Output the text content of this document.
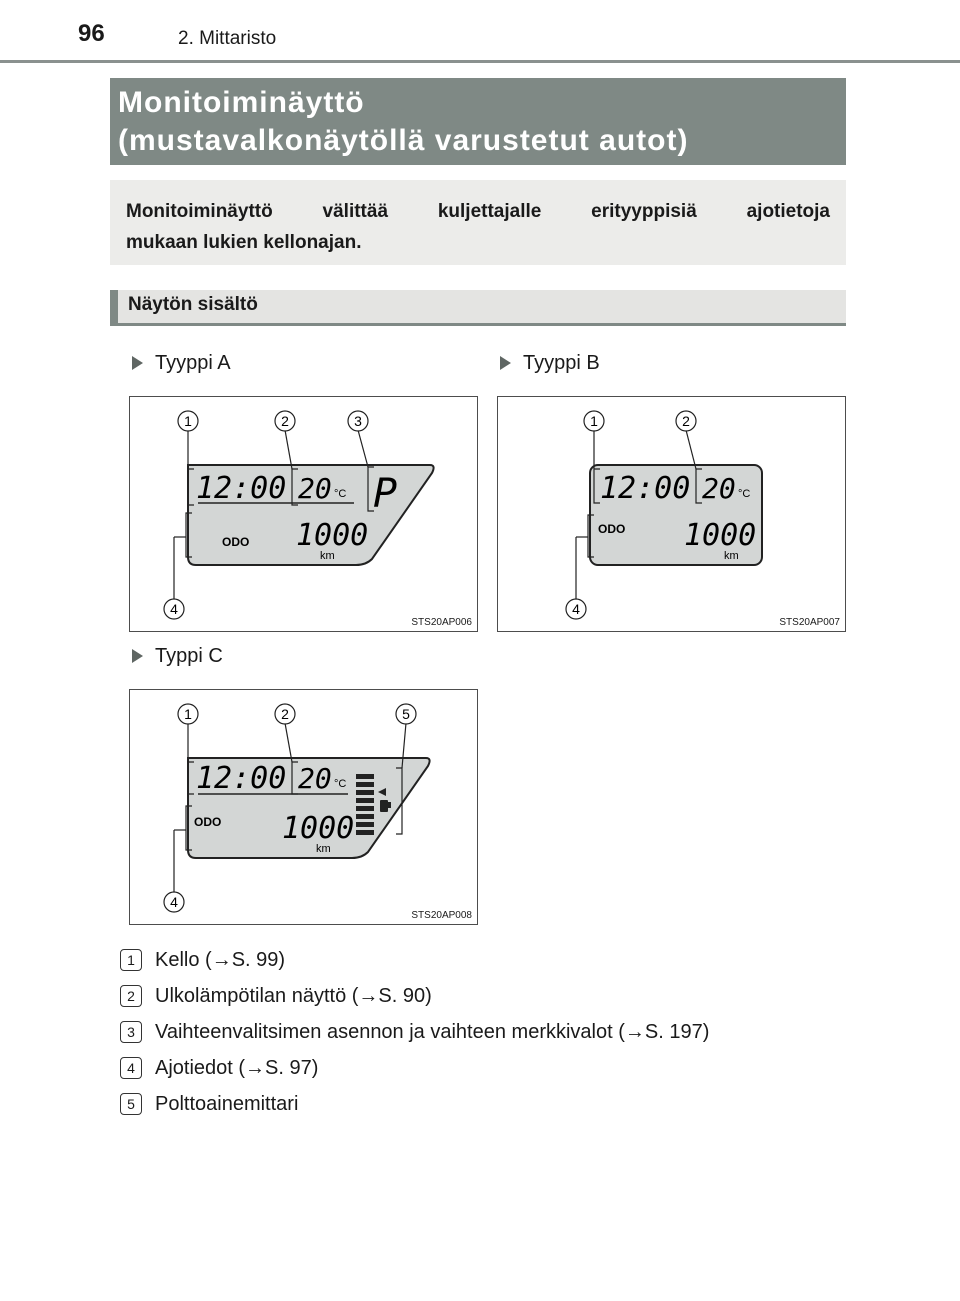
96	2. Mittaristo
Monitoiminäyttö
(mustavalkonäytöllä varustetut autot)
Monitoiminäyttö välittää kuljettajalle erityyppisiä ajotietoja
mukaan lukien kellonajan.
Näytön sisältö
Tyyppi A	Tyyppi B
Typpi C
12:00 20 °C P
ODO 1000
km
1	2	3
4
STS20AP006
12:00 20 °C
ODO 1000
km
1	2
4
STS20AP007
12:00 20 °C
ODO 1000
km
1	2	5
4
STS20AP008
1	Kello (→S. 99)
2	Ulkolämpötilan näyttö (→S. 90)
3	Vaihteenvalitsimen asennon ja vaihteen merkkivalot (→S. 197)
4	Ajotiedot (→S. 97)
5	Polttoainemittari
